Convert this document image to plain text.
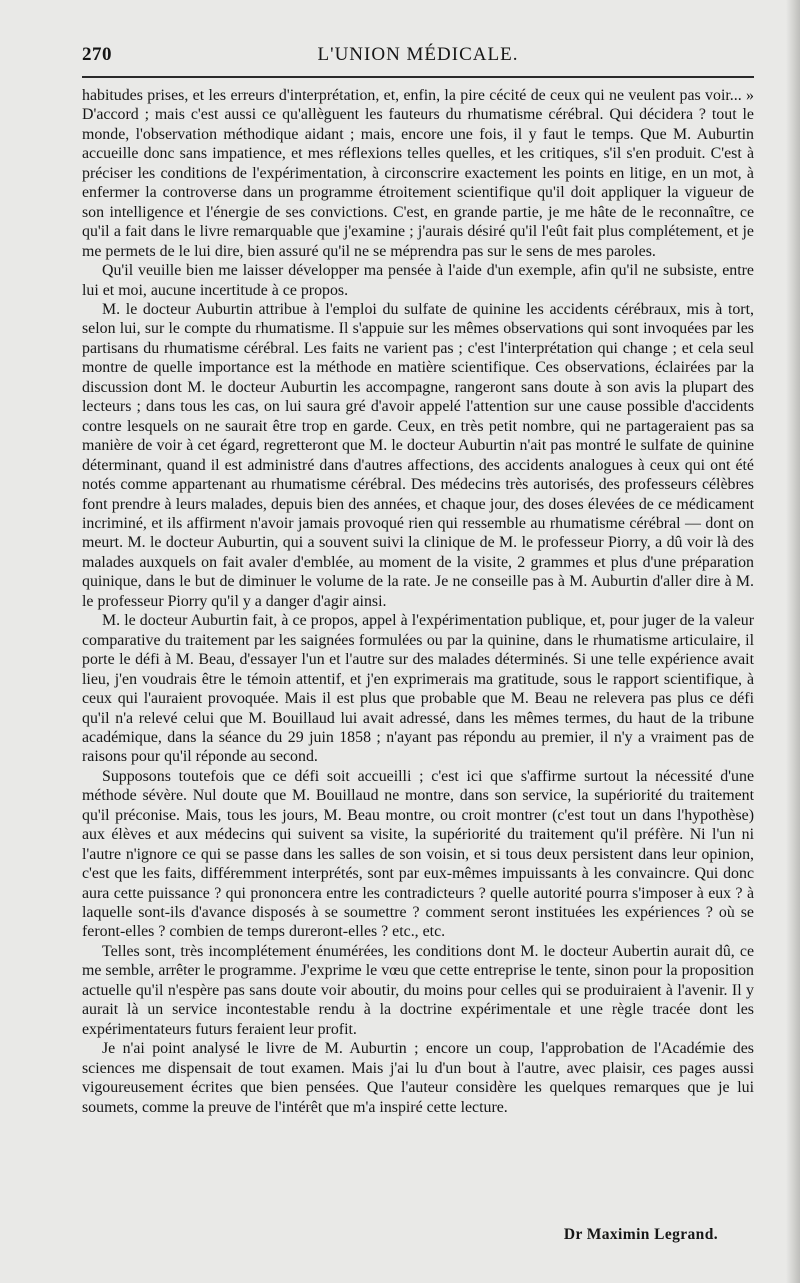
270	L'UNION MÉDICALE.

habitudes prises, et les erreurs d'interprétation, et, enfin, la pire cécité de ceux qui ne veulent pas voir... » D'accord ; mais c'est aussi ce qu'allèguent les fauteurs du rhumatisme cérébral. Qui décidera ? tout le monde, l'observation méthodique aidant ; mais, encore une fois, il y faut le temps. Que M. Auburtin accueille donc sans impatience, et mes réflexions telles quelles, et les critiques, s'il s'en produit. C'est à préciser les conditions de l'expérimentation, à circonscrire exactement les points en litige, en un mot, à enfermer la controverse dans un programme étroitement scientifique qu'il doit appliquer la vigueur de son intelligence et l'énergie de ses convictions. C'est, en grande partie, je me hâte de le reconnaître, ce qu'il a fait dans le livre remarquable que j'examine ; j'aurais désiré qu'il l'eût fait plus complétement, et je me permets de le lui dire, bien assuré qu'il ne se méprendra pas sur le sens de mes paroles.

Qu'il veuille bien me laisser développer ma pensée à l'aide d'un exemple, afin qu'il ne subsiste, entre lui et moi, aucune incertitude à ce propos.

M. le docteur Auburtin attribue à l'emploi du sulfate de quinine les accidents cérébraux, mis à tort, selon lui, sur le compte du rhumatisme. Il s'appuie sur les mêmes observations qui sont invoquées par les partisans du rhumatisme cérébral. Les faits ne varient pas ; c'est l'interprétation qui change ; et cela seul montre de quelle importance est la méthode en matière scientifique. Ces observations, éclairées par la discussion dont M. le docteur Auburtin les accompagne, rangeront sans doute à son avis la plupart des lecteurs ; dans tous les cas, on lui saura gré d'avoir appelé l'attention sur une cause possible d'accidents contre lesquels on ne saurait être trop en garde. Ceux, en très petit nombre, qui ne partageraient pas sa manière de voir à cet égard, regretteront que M. le docteur Auburtin n'ait pas montré le sulfate de quinine déterminant, quand il est administré dans d'autres affections, des accidents analogues à ceux qui ont été notés comme appartenant au rhumatisme cérébral. Des médecins très autorisés, des professeurs célèbres font prendre à leurs malades, depuis bien des années, et chaque jour, des doses élevées de ce médicament incriminé, et ils affirment n'avoir jamais provoqué rien qui ressemble au rhumatisme cérébral — dont on meurt. M. le docteur Auburtin, qui a souvent suivi la clinique de M. le professeur Piorry, a dû voir là des malades auxquels on fait avaler d'emblée, au moment de la visite, 2 grammes et plus d'une préparation quinique, dans le but de diminuer le volume de la rate. Je ne conseille pas à M. Auburtin d'aller dire à M. le professeur Piorry qu'il y a danger d'agir ainsi.

M. le docteur Auburtin fait, à ce propos, appel à l'expérimentation publique, et, pour juger de la valeur comparative du traitement par les saignées formulées ou par la quinine, dans le rhumatisme articulaire, il porte le défi à M. Beau, d'essayer l'un et l'autre sur des malades déterminés. Si une telle expérience avait lieu, j'en voudrais être le témoin attentif, et j'en exprimerais ma gratitude, sous le rapport scientifique, à ceux qui l'auraient provoquée. Mais il est plus que probable que M. Beau ne relevera pas plus ce défi qu'il n'a relevé celui que M. Bouillaud lui avait adressé, dans les mêmes termes, du haut de la tribune académique, dans la séance du 29 juin 1858 ; n'ayant pas répondu au premier, il n'y a vraiment pas de raisons pour qu'il réponde au second.

Supposons toutefois que ce défi soit accueilli ; c'est ici que s'affirme surtout la nécessité d'une méthode sévère. Nul doute que M. Bouillaud ne montre, dans son service, la supériorité du traitement qu'il préconise. Mais, tous les jours, M. Beau montre, ou croit montrer (c'est tout un dans l'hypothèse) aux élèves et aux médecins qui suivent sa visite, la supériorité du traitement qu'il préfère. Ni l'un ni l'autre n'ignore ce qui se passe dans les salles de son voisin, et si tous deux persistent dans leur opinion, c'est que les faits, différemment interprétés, sont par eux-mêmes impuissants à les convaincre. Qui donc aura cette puissance ? qui prononcera entre les contradicteurs ? quelle autorité pourra s'imposer à eux ? à laquelle sont-ils d'avance disposés à se soumettre ? comment seront instituées les expériences ? où se feront-elles ? combien de temps dureront-elles ? etc., etc.

Telles sont, très incomplétement énumérées, les conditions dont M. le docteur Aubertin aurait dû, ce me semble, arrêter le programme. J'exprime le vœu que cette entreprise le tente, sinon pour la proposition actuelle qu'il n'espère pas sans doute voir aboutir, du moins pour celles qui se produiraient à l'avenir. Il y aurait là un service incontestable rendu à la doctrine expérimentale et une règle tracée dont les expérimentateurs futurs feraient leur profit.

Je n'ai point analysé le livre de M. Auburtin ; encore un coup, l'approbation de l'Académie des sciences me dispensait de tout examen. Mais j'ai lu d'un bout à l'autre, avec plaisir, ces pages aussi vigoureusement écrites que bien pensées. Que l'auteur considère les quelques remarques que je lui soumets, comme la preuve de l'intérêt que m'a inspiré cette lecture.

Dr Maximin Legrand.
